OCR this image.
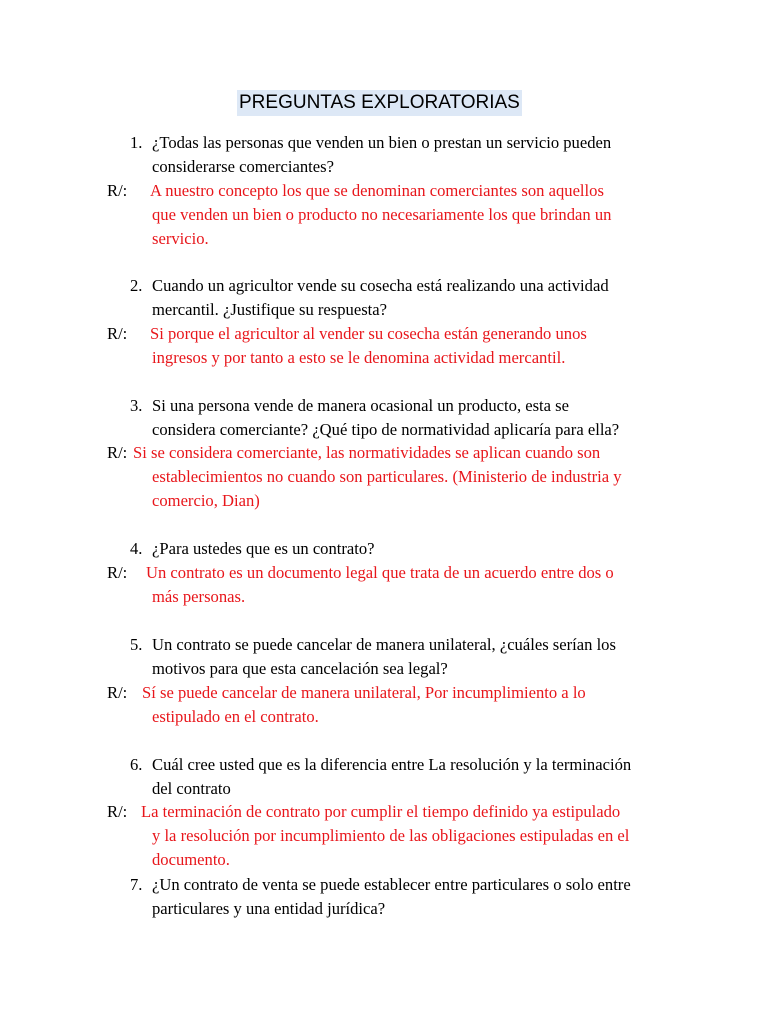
PREGUNTAS EXPLORATORIAS
1. ¿Todas las personas que venden un bien o prestan un servicio pueden
considerarse comerciantes?
R/: A nuestro concepto los que se denominan comerciantes son aquellos
que venden un bien o producto no necesariamente los que brindan un
servicio.
2. Cuando un agricultor vende su cosecha está realizando una actividad
mercantil. ¿Justifique su respuesta?
R/: Si porque el agricultor al vender su cosecha están generando unos
ingresos y por tanto a esto se le denomina actividad mercantil.
3. Si una persona vende de manera ocasional un producto, esta se
considera comerciante? ¿Qué tipo de normatividad aplicaría para ella?
R/: Si se considera comerciante, las normatividades se aplican cuando son
establecimientos no cuando son particulares. (Ministerio de industria y
comercio, Dian)
4. ¿Para ustedes que es un contrato?
R/: Un contrato es un documento legal que trata de un acuerdo entre dos o
más personas.
5. Un contrato se puede cancelar de manera unilateral, ¿cuáles serían los
motivos para que esta cancelación sea legal?
R/: Sí se puede cancelar de manera unilateral, Por incumplimiento a lo
estipulado en el contrato.
6. Cuál cree usted que es la diferencia entre La resolución y la terminación
del contrato
R/: La terminación de contrato por cumplir el tiempo definido ya estipulado
y la resolución por incumplimiento de las obligaciones estipuladas en el
documento.
7. ¿Un contrato de venta se puede establecer entre particulares o solo entre
particulares y una entidad jurídica?
